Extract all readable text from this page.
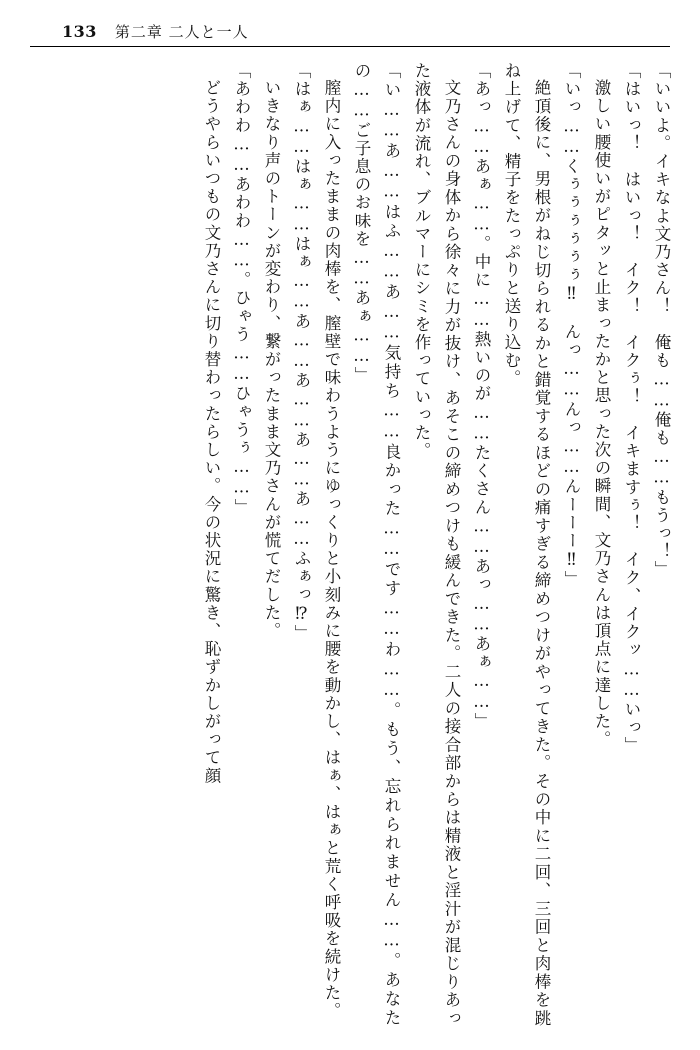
133 第二章 二人と一人

「いいよ。イキなよ文乃さん！　俺も……俺も……もうっ！」

「はいっ！　はいっ！　イク！　イクぅ！　イキますぅ！　イク、イクッ……いっ」

激しい腰使いがピタッと止まったかと思った次の瞬間、文乃さんは頂点に達した。

「いっ……くぅぅぅぅぅぅ‼　んっ……んっ……んーーー‼」

絶頂後に、男根がねじ切られるかと錯覚するほどの痛すぎる締めつけがやってきた。その中に二回、三回と肉棒を跳ね上げて、精子をたっぷりと送り込む。

「あっ……あぁ……。中に……熱いのが……たくさん……あっ……あぁ……」

文乃さんの身体から徐々に力が抜け、あそこの締めつけも緩んできた。二人の接合部からは精液と淫汁が混じりあった液体が流れ、ブルマーにシミを作っていった。

「い……あ……はふ……あ……気持ち……良かった……です……わ……。もう、忘れられません……。あなたの……ご子息のお味を……あぁ……」

膣内に入ったままの肉棒を、膣壁で味わうようにゆっくりと小刻みに腰を動かし、はぁ、はぁと荒く呼吸を続けた。

「はぁ……はぁ……はぁ……あ……あ……あ……あ……ふぁっ⁉」

いきなり声のトーンが変わり、繋がったまま文乃さんが慌てだした。

「あわわ……あわわ……。ひゃう……ひゃうぅ……」

どうやらいつもの文乃さんに切り替わったらしい。今の状況に驚き、恥ずかしがって顔
